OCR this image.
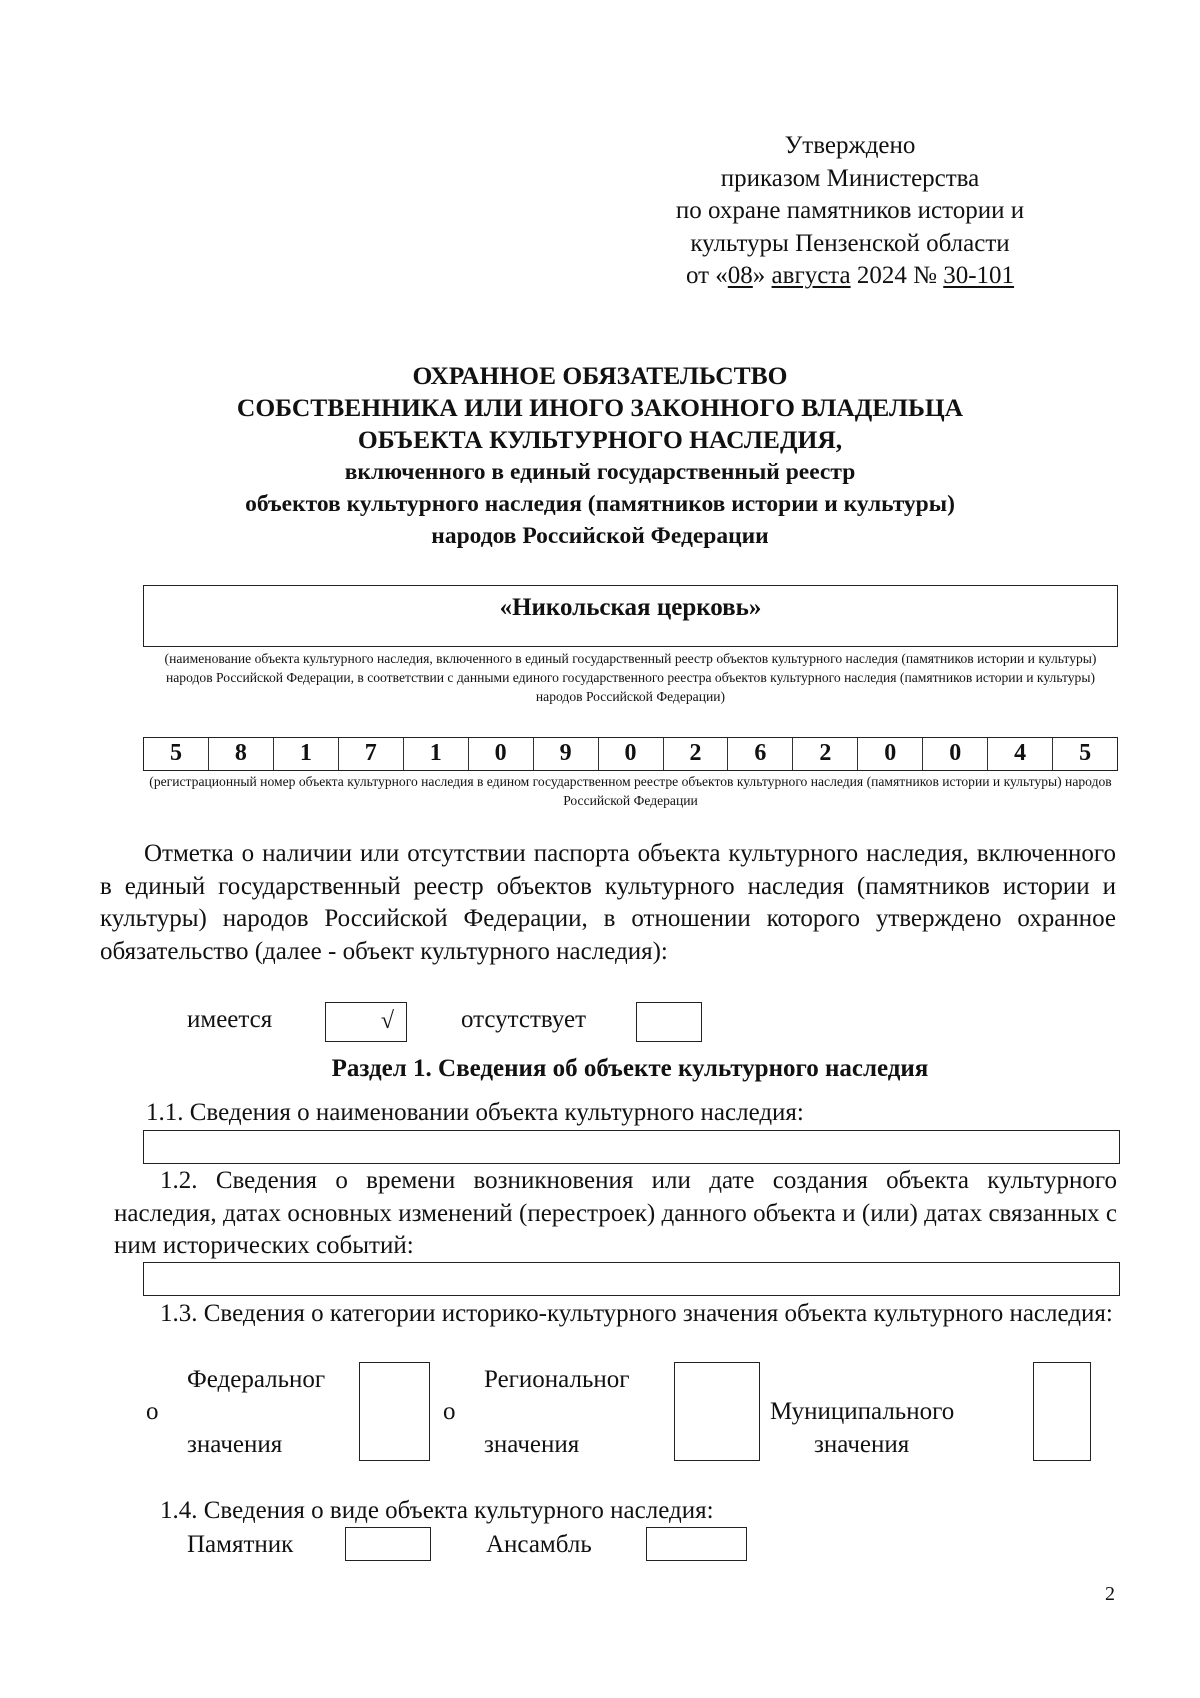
Утверждено
приказом Министерства
по охране памятников истории и
культуры Пензенской области
от «08» августа 2024 № 30-101
ОХРАННОЕ ОБЯЗАТЕЛЬСТВО
СОБСТВЕННИКА ИЛИ ИНОГО ЗАКОННОГО ВЛАДЕЛЬЦА
ОБЪЕКТА КУЛЬТУРНОГО НАСЛЕДИЯ,
включенного в единый государственный реестр
объектов культурного наследия (памятников истории и культуры)
народов Российской Федерации
«Никольская церковь»
(наименование объекта культурного наследия, включенного в единый государственный реестр объектов культурного наследия (памятников истории и культуры) народов Российской Федерации, в соответствии с данными единого государственного реестра объектов культурного наследия (памятников истории и культуры) народов Российской Федерации)
5	8	1	7	1	0	9	0	2	6	2	0	0	4	5
(регистрационный номер объекта культурного наследия в едином государственном реестре объектов культурного наследия (памятников истории и культуры) народов Российской Федерации
Отметка о наличии или отсутствии паспорта объекта культурного наследия, включенного в единый государственный реестр объектов культурного наследия (памятников истории и культуры) народов Российской Федерации, в отношении которого утверждено охранное обязательство (далее - объект культурного наследия):
имеется	√	отсутствует
Раздел 1. Сведения об объекте культурного наследия
1.1. Сведения о наименовании объекта культурного наследия:
1.2. Сведения о времени возникновения или дате создания объекта культурного наследия, датах основных изменений (перестроек) данного объекта и (или) датах связанных с ним исторических событий:
1.3. Сведения о категории историко-культурного значения объекта культурного наследия:
Федеральног
о
значения
о
Региональног
значения
Муниципального
значения
1.4. Сведения о виде объекта культурного наследия:
Памятник	Ансамбль
2
